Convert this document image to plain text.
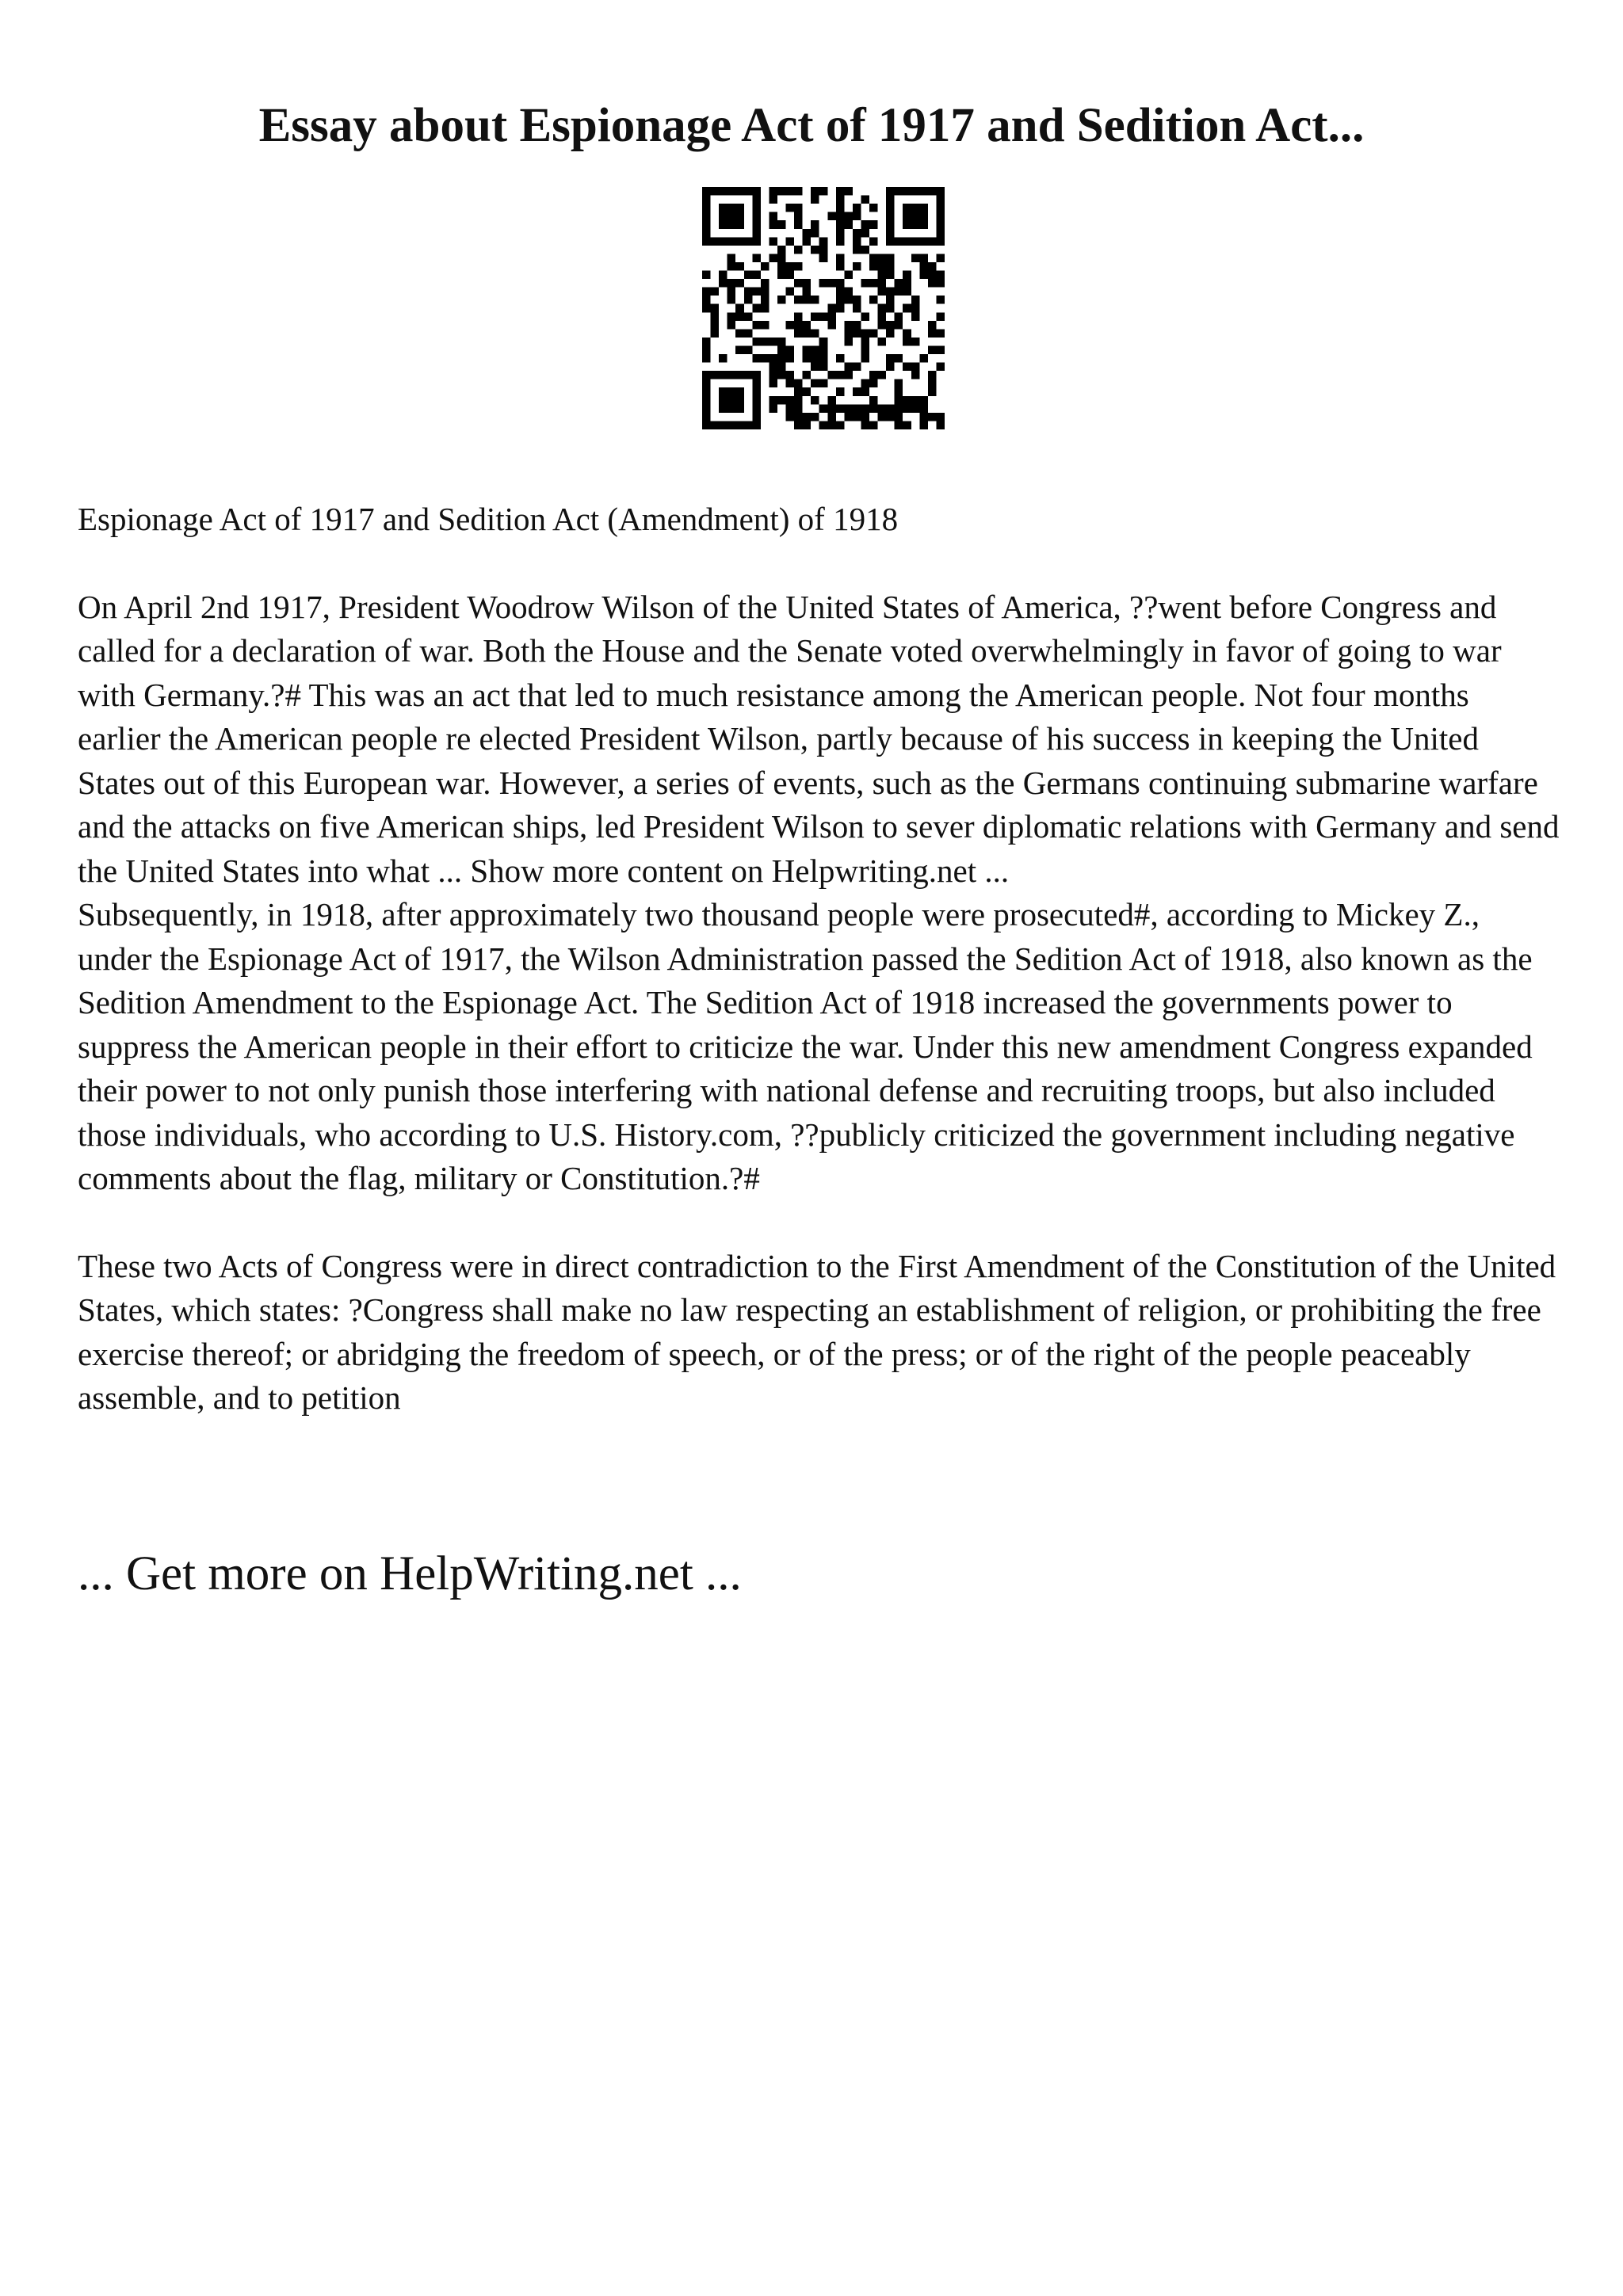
Essay about Espionage Act of 1917 and Sedition Act...

Espionage Act of 1917 and Sedition Act (Amendment) of 1918

On April 2nd 1917, President Woodrow Wilson of the United States of America, ??went before Congress and called for a declaration of war. Both the House and the Senate voted overwhelmingly in favor of going to war with Germany.?# This was an act that led to much resistance among the American people. Not four months earlier the American people re elected President Wilson, partly because of his success in keeping the United States out of this European war. However, a series of events, such as the Germans continuing submarine warfare and the attacks on five American ships, led President Wilson to sever diplomatic relations with Germany and send the United States into what ... Show more content on Helpwriting.net ...

Subsequently, in 1918, after approximately two thousand people were prosecuted#, according to Mickey Z., under the Espionage Act of 1917, the Wilson Administration passed the Sedition Act of 1918, also known as the Sedition Amendment to the Espionage Act. The Sedition Act of 1918 increased the governments power to suppress the American people in their effort to criticize the war. Under this new amendment Congress expanded their power to not only punish those interfering with national defense and recruiting troops, but also included those individuals, who according to U.S. History.com, ??publicly criticized the government including negative comments about the flag, military or Constitution.?#

These two Acts of Congress were in direct contradiction to the First Amendment of the Constitution of the United States, which states: ?Congress shall make no law respecting an establishment of religion, or prohibiting the free exercise thereof; or abridging the freedom of speech, or of the press; or of the right of the people peaceably assemble, and to petition

... Get more on HelpWriting.net ...
